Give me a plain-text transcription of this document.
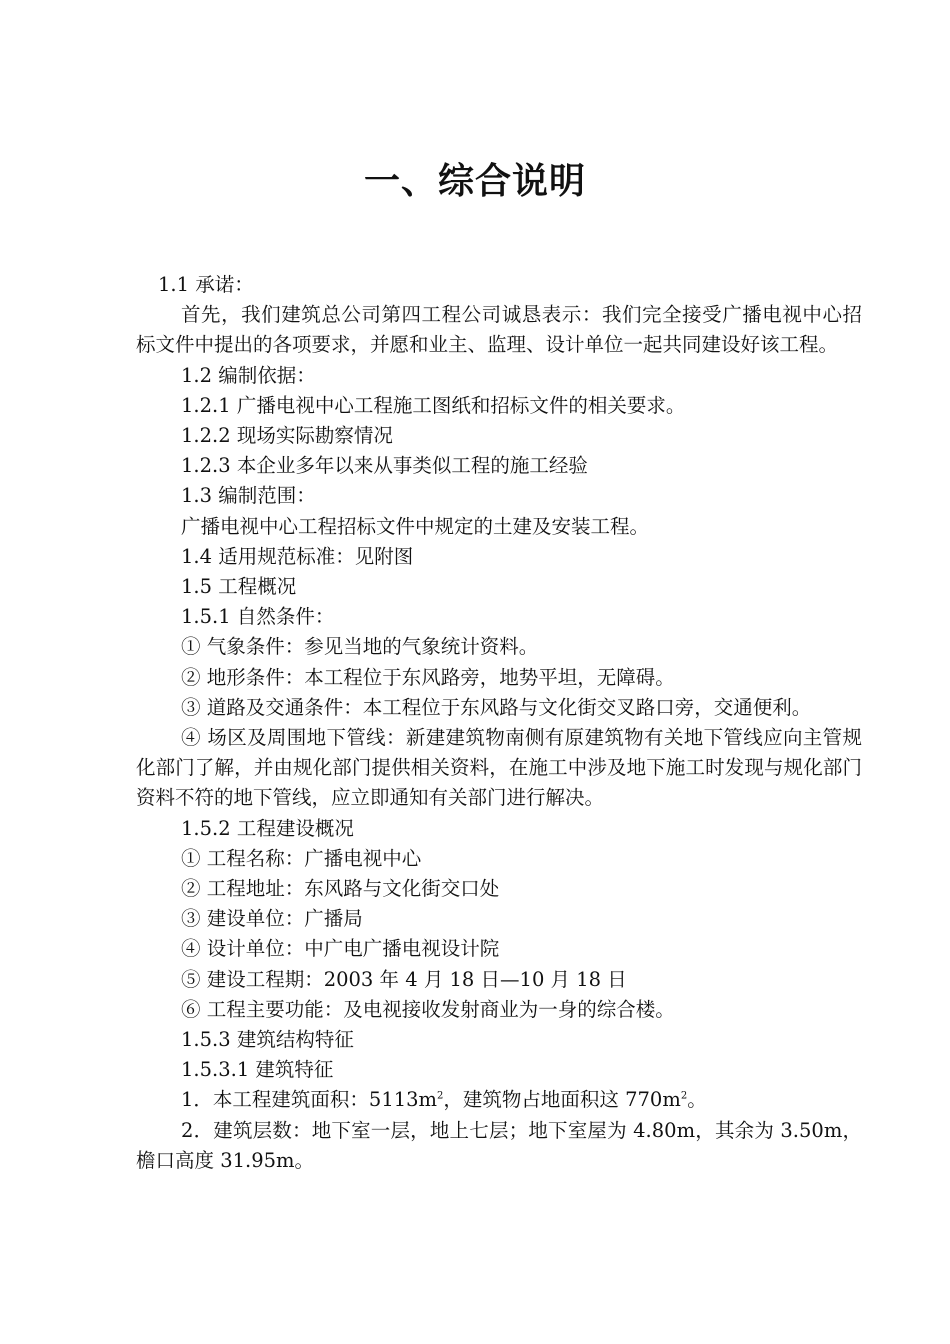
一、综合说明

1.1 承诺：

首先，我们建筑总公司第四工程公司诚恳表示：我们完全接受广播电视中心招标文件中提出的各项要求，并愿和业主、监理、设计单位一起共同建设好该工程。

1.2 编制依据：

1.2.1 广播电视中心工程施工图纸和招标文件的相关要求。

1.2.2 现场实际勘察情况

1.2.3 本企业多年以来从事类似工程的施工经验

1.3 编制范围：

广播电视中心工程招标文件中规定的土建及安装工程。

1.4 适用规范标准：见附图

1.5 工程概况

1.5.1 自然条件：

① 气象条件：参见当地的气象统计资料。

② 地形条件：本工程位于东风路旁，地势平坦，无障碍。

③ 道路及交通条件：本工程位于东风路与文化街交叉路口旁，交通便利。

④ 场区及周围地下管线：新建建筑物南侧有原建筑物有关地下管线应向主管规化部门了解，并由规化部门提供相关资料，在施工中涉及地下施工时发现与规化部门资料不符的地下管线，应立即通知有关部门进行解决。

1.5.2 工程建设概况

① 工程名称：广播电视中心

② 工程地址：东风路与文化街交口处

③ 建设单位：广播局

④ 设计单位：中广电广播电视设计院

⑤ 建设工程期：2003 年 4 月 18 日—10 月 18 日

⑥ 工程主要功能：及电视接收发射商业为一身的综合楼。

1.5.3 建筑结构特征

1.5.3.1 建筑特征

1．本工程建筑面积：$5113m^2$，建筑物占地面积这 $770m^2$。

2．建筑层数：地下室一层，地上七层；地下室屋为 4.80m，其余为 3.50m，檐口高度 31.95m。
